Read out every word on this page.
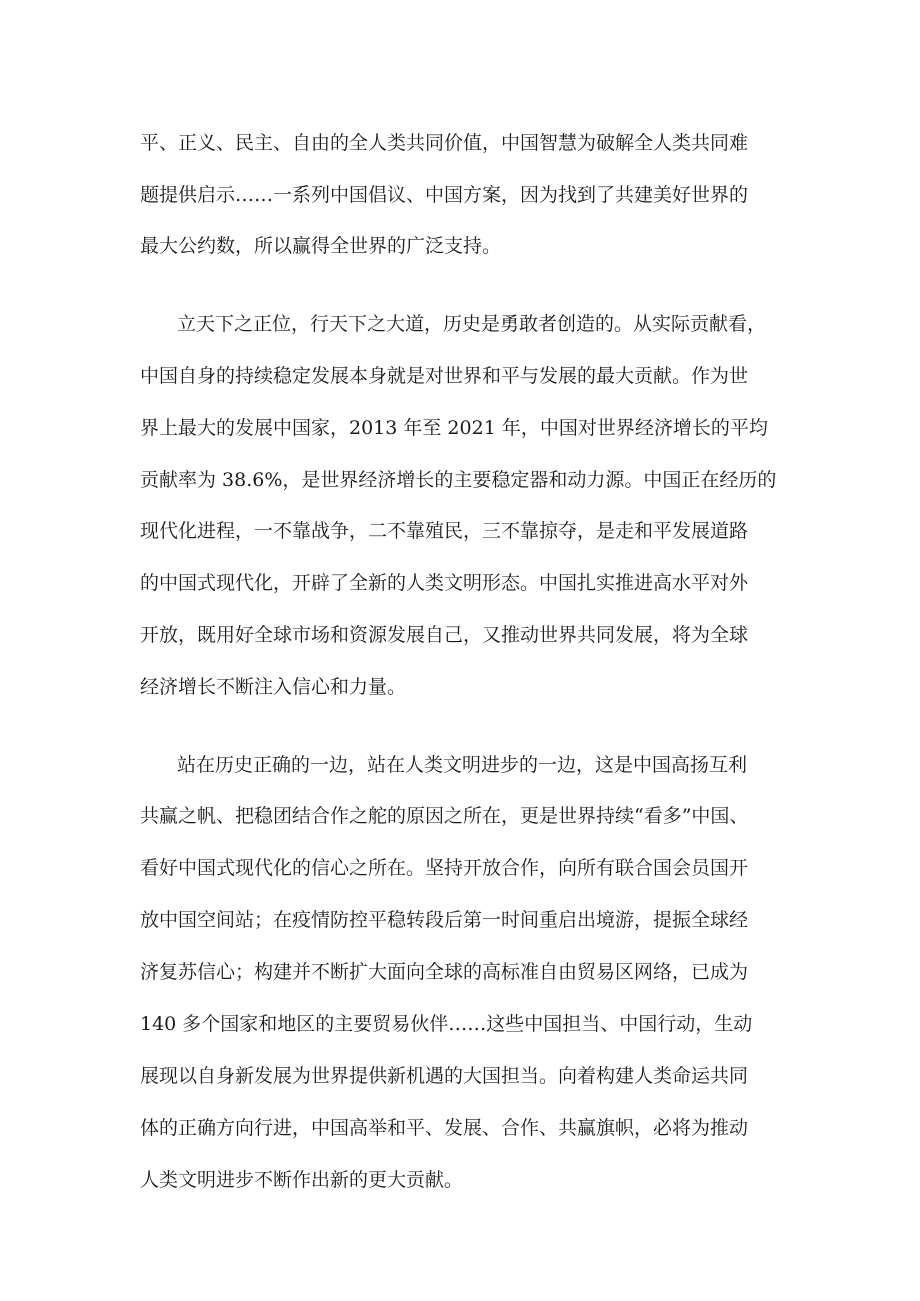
平、正义、民主、自由的全人类共同价值，中国智慧为破解全人类共同难
题提供启示……一系列中国倡议、中国方案，因为找到了共建美好世界的
最大公约数，所以赢得全世界的广泛支持。
立天下之正位，行天下之大道，历史是勇敢者创造的。从实际贡献看，
中国自身的持续稳定发展本身就是对世界和平与发展的最大贡献。作为世
界上最大的发展中国家，2013 年至 2021 年，中国对世界经济增长的平均
贡献率为 38.6%，是世界经济增长的主要稳定器和动力源。中国正在经历的
现代化进程，一不靠战争，二不靠殖民，三不靠掠夺，是走和平发展道路
的中国式现代化，开辟了全新的人类文明形态。中国扎实推进高水平对外
开放，既用好全球市场和资源发展自己，又推动世界共同发展，将为全球
经济增长不断注入信心和力量。
站在历史正确的一边，站在人类文明进步的一边，这是中国高扬互利
共赢之帆、把稳团结合作之舵的原因之所在，更是世界持续“看多”中国、
看好中国式现代化的信心之所在。坚持开放合作，向所有联合国会员国开
放中国空间站；在疫情防控平稳转段后第一时间重启出境游，提振全球经
济复苏信心；构建并不断扩大面向全球的高标准自由贸易区网络，已成为
140 多个国家和地区的主要贸易伙伴……这些中国担当、中国行动，生动
展现以自身新发展为世界提供新机遇的大国担当。向着构建人类命运共同
体的正确方向行进，中国高举和平、发展、合作、共赢旗帜，必将为推动
人类文明进步不断作出新的更大贡献。
